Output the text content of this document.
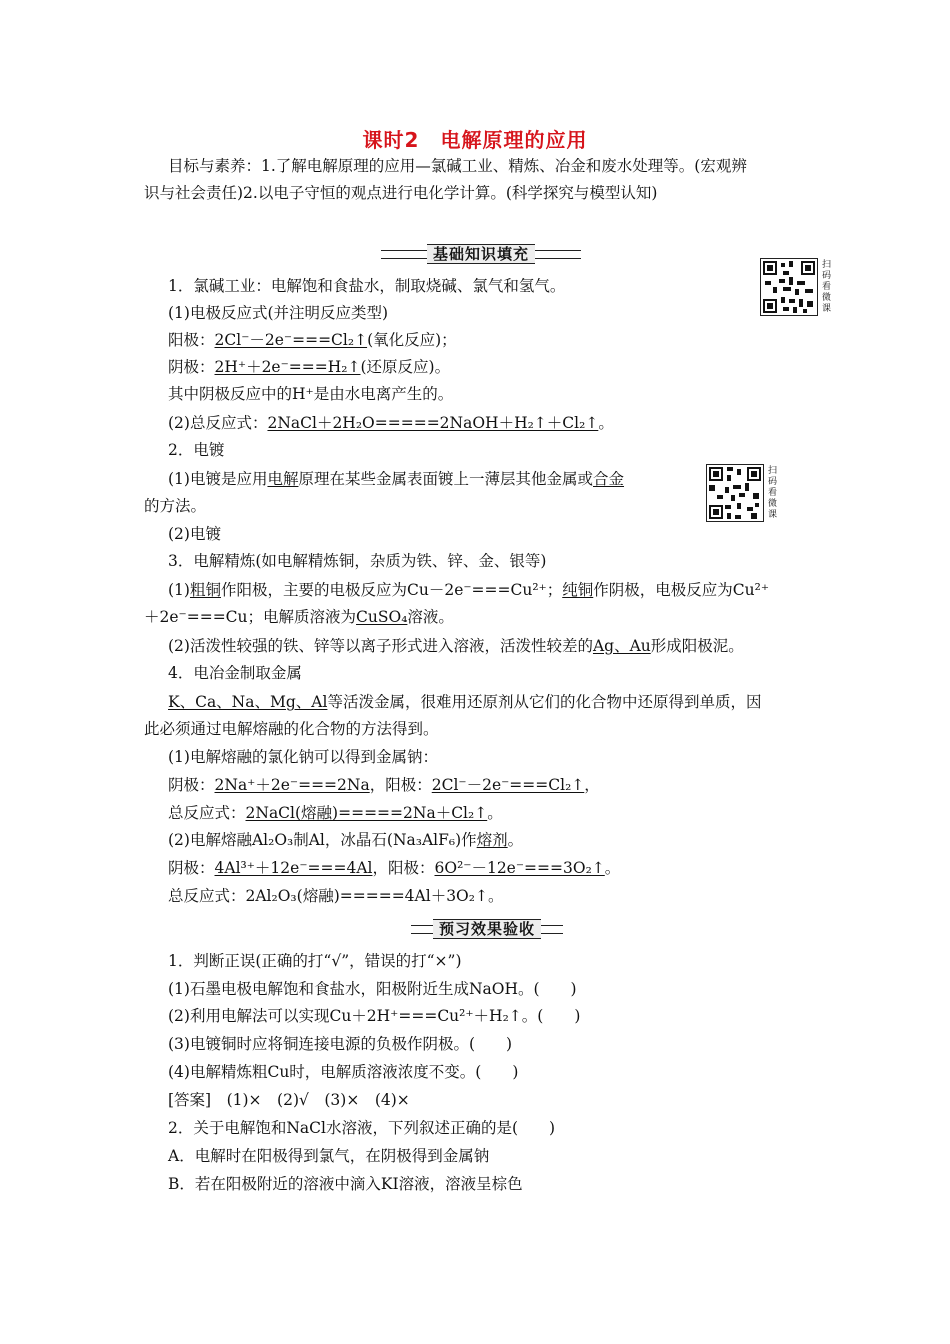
课时2　电解原理的应用
目标与素养：1.了解电解原理的应用—氯碱工业、精炼、冶金和废水处理等。(宏观辨
识与社会责任)2.以电子守恒的观点进行电化学计算。(科学探究与模型认知)
基础知识填充
扫码看微课
1．氯碱工业：电解饱和食盐水，制取烧碱、氯气和氢气。
(1)电极反应式(并注明反应类型)
阳极：2Cl⁻－2e⁻===Cl₂↑(氧化反应)；
阴极：2H⁺＋2e⁻===H₂↑(还原反应)。
其中阴极反应中的H⁺是由水电离产生的。
(2)总反应式：2NaCl＋2H₂O=====2NaOH＋H₂↑＋Cl₂↑。
2．电镀
(1)电镀是应用电解原理在某些金属表面镀上一薄层其他金属或合金
的方法。
扫码看微课
(2)电镀
3．电解精炼(如电解精炼铜，杂质为铁、锌、金、银等)
(1)粗铜作阳极，主要的电极反应为Cu－2e⁻===Cu²⁺；纯铜作阴极，电极反应为Cu²⁺
＋2e⁻===Cu；电解质溶液为CuSO₄溶液。
(2)活泼性较强的铁、锌等以离子形式进入溶液，活泼性较差的Ag、Au形成阳极泥。
4．电冶金制取金属
K、Ca、Na、Mg、Al等活泼金属，很难用还原剂从它们的化合物中还原得到单质，因
此必须通过电解熔融的化合物的方法得到。
(1)电解熔融的氯化钠可以得到金属钠：
阴极：2Na⁺＋2e⁻===2Na，阳极：2Cl⁻－2e⁻===Cl₂↑，
总反应式：2NaCl(熔融)=====2Na＋Cl₂↑。
(2)电解熔融Al₂O₃制Al，冰晶石(Na₃AlF₆)作熔剂。
阴极：4Al³⁺＋12e⁻===4Al，阳极：6O²⁻－12e⁻===3O₂↑。
总反应式：2Al₂O₃(熔融)=====4Al＋3O₂↑。
预习效果验收
1．判断正误(正确的打“√”，错误的打“×”)
(1)石墨电极电解饱和食盐水，阳极附近生成NaOH。(　　)
(2)利用电解法可以实现Cu＋2H⁺===Cu²⁺＋H₂↑。(　　)
(3)电镀铜时应将铜连接电源的负极作阴极。(　　)
(4)电解精炼粗Cu时，电解质溶液浓度不变。(　　)
[答案]　(1)×　(2)√　(3)×　(4)×
2．关于电解饱和NaCl水溶液，下列叙述正确的是(　　)
A．电解时在阳极得到氯气，在阴极得到金属钠
B．若在阳极附近的溶液中滴入KI溶液，溶液呈棕色
